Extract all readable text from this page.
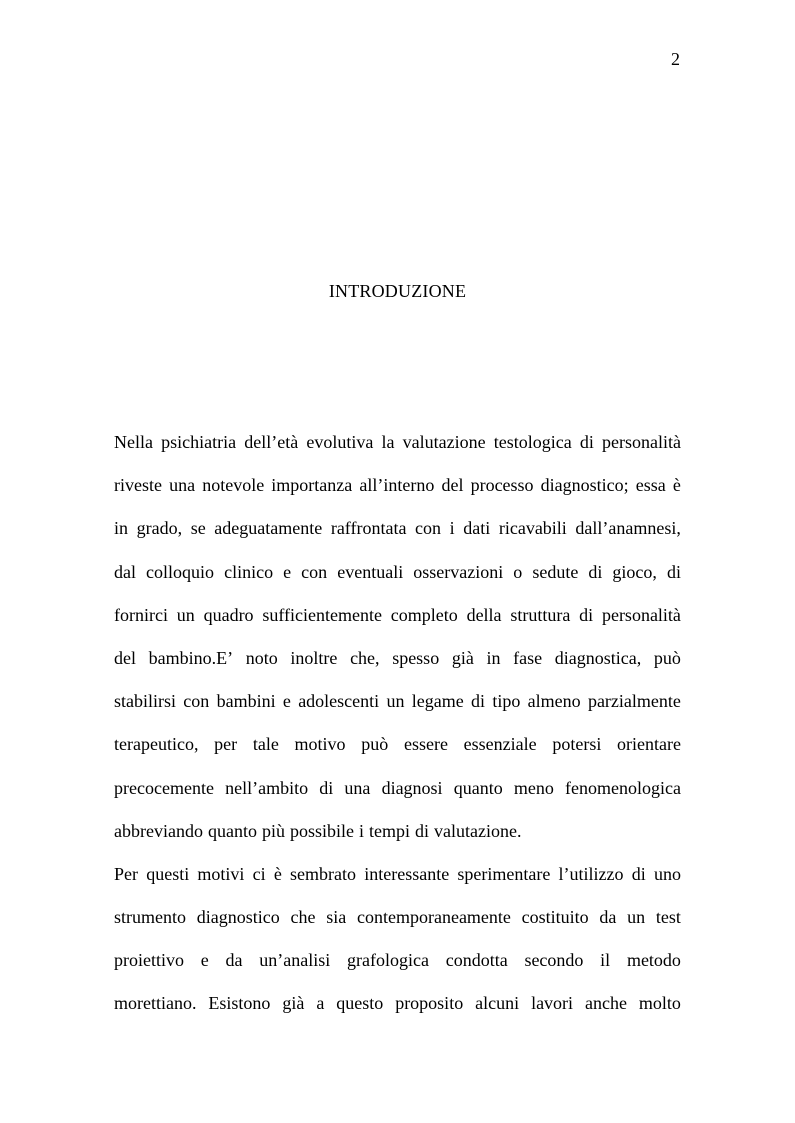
2
INTRODUZIONE
Nella psichiatria dell’età evolutiva la valutazione testologica di personalità
riveste una notevole importanza all’interno del processo diagnostico; essa è
in grado, se adeguatamente raffrontata con i dati ricavabili dall’anamnesi,
dal colloquio clinico e con eventuali osservazioni o sedute di gioco, di
fornirci un quadro sufficientemente completo della struttura di personalità
del bambino.E’ noto inoltre che, spesso già in fase diagnostica, può
stabilirsi con bambini e adolescenti un legame di tipo almeno parzialmente
terapeutico, per tale motivo può essere essenziale potersi orientare
precocemente nell’ambito di una diagnosi quanto meno fenomenologica
abbreviando quanto più possibile i tempi di valutazione.
Per questi motivi ci è sembrato interessante sperimentare l’utilizzo di uno
strumento diagnostico che sia contemporaneamente costituito da un test
proiettivo e da un’analisi grafologica condotta secondo il metodo
morettiano. Esistono già a questo proposito alcuni lavori anche molto
